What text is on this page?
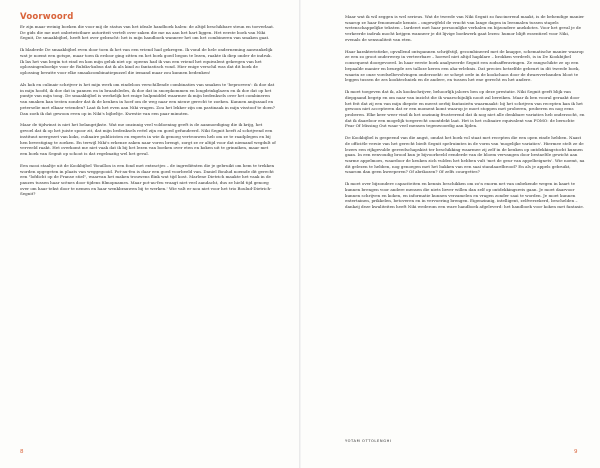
Voorwoord

Er zijn maar weinig boeken die voor mij de status van het ideale handboek halen: de altijd beschikbare steun en toeverlaat. De gids die me met onbetwistbare autoriteit vertelt over zaken die me na aan het hart liggen. Het eerste boek van Niki Segnit, De smaakbijbel, heeft het over gebracht: het is mijn handboek wanneer het om het combineren van smaken gaat.

Ik bladerde De smaakbijbel even door toen ik het van een vriend had gekregen. Ik vond de hele onderneming aanvankelijk wat je noemt een gotspe, maar toen ik erdoor ging zitten en het boek goed begon te lezen, raakte ik diep onder de indruk. Ik las het van begin tot eind en kon mijn geluk niet op: opeens had ik van een vriend het equivalent gekregen van het oplossingenboekje voor de Rubiks-kubus dat ik als kind zo fantastisch vond. Hier enige verschil was dat dit boek de oplossing bevatte voor elke smaakcombinatiepuzzel die iemand maar zou kunnen bedenken!

Als kok en culinair schrijver is het mijn werk om eindeloos verschillende combinaties van smaken te 'beproeven': ik doe dat in mijn hoofd, ik doe dat in pannen en in braadsledes, ik doe dat in snoepkommen en longdrinkglazen en ik doe dat op het puntje van mijn tong. De smaakbijbel is werkelijk het enige hulpmiddel waarmee ik mijn bedenksels over het combineren van smaken kan testen zonder dat ik de keuken in hoef om de weg naar een nieuw gerecht te zoeken. Kunnen anijszaad en peterselie met elkaar vrienden? Laat ik het even aan Niki vragen. Zou het lekker zijn om pastinaak in mijn visstoof te doen? Dan zoek ik dat gewoon even op in Niki's bijbeltje. Kwestie van een paar minuten.

Maar de tijdwinst is niet het belangrijkste. Wat me onzinnig veel voldoening geeft is de aanmoediging die ik krijg, het gevoel dat ik op het juiste spoor zit, dat mijn bedenksels reëel zijn en goed gefundeerd. Niki Segnit heeft al schrijvend een instituut neergezet van koks, culinaire publicisten en experts in wie ik genoeg vertrouwen heb om ze te raadplegen en bij hen bevestiging te zoeken. En terwijl Niki's erkenze zaken naar voren brengt, zorgt ze er altijd voor dat niemand wegdult of verveeld raakt. Het overkomt me niet vaak dat ik bij het lezen van boeken over eten en koken uit te grinniken, maar met een boek van Segnit op schoot is dat regelmatig wel het geval.

Een mooi staaltje uit de Kookbijbel 'Bouillon is een fond met extractjes – de ingrediënten die je gebruikt om hem te trekken worden opgegeten in plaats van weggegooid. Pot-au-feu is daar een goed voorbeeld van. Daniel Boulud noemde dit gerecht een "lofdicht op de Franse stiel", waarvan het maken trouwens flink wat tijd kost. Marlene Dietrich maakte het vaak in de pauzes tussen haar scènes door tijdens filmopnames. Maar pot-au-feu vraagt niet veel aandacht, dus ze hield tijd genoeg over om haar tekst door te nemen en haar wenkbrauwen bij te werken.' Wie valt er nou niet voor het trio Boulud-Dietrich-Segnit?

8

Maar wat ik wil zeggen is wel serieus. Wat de tweede van Niki Segnit zo fascinerend maakt, is de behendige manier waarop ze haar fenomenale kennis – ongewijfeld de vrucht van lange dagen in leesmalen tussen stapels wetenschappelijke teksten – lardeert met haar persoonlijke verhalen en bijzondere anekdotes. Voor het geval je de verkeerde indruk mocht krijgen wanneer je dit lijvige boekwerk gaat lezen: humor blijft essentieel voor Niki, evenals de sensualiteit van eten.

Haar karakteristieke, opvallend ontspannen schrijfstijl, gecombineerd met de knappe, schematische manier waarop ze een zo groot onderwerp in verteerbare – hoewel niet altijd hapklare – brokken verdeelt, is in De Kookbijbel consequent doorgevoerd. In haar eerste boek analyseerde Segnit een zodsafferavingen. Ze rangschikte ze op een bepaalde manier en beurgde zes talloze keren een aha-erlebnis. Dat precies hetzelfde gebeurt in dit tweede boek, waarin ze onze voedselbevolvingen onderzoekt: ze schept orde in de kookchaos door de dwarsverbanden bloot te leggen tussen de zes kooktechniek en de andere, en tussen het ene gerecht en het andere.

Ik moet toegeven dat ik, als kookschrijver, behoorlijk jaloers ben op deze prestatie. Niki Segnit geeft blijk van diepgaand begrip en om naar van inzicht die ik waarschijnlijk nooit zal bereiken. Maar ik ben vooral geraakt door het feit dat zij een van mijn diepste en meest oerbij fantasieën waarmaakt: bij het schrijven van recepten kan ik het gewoon niet accepteren dat er een moment komt waarop je moet stoppen met proberen, proberen en nog eens proberen. Elke keer weer vind ik het onzinnig frustrerend dat ik nog niet alle denkbare variaties heb onderzocht, en dat ik daardoor een mogelijk toegerecht onontdekt laat. Het is het culinaire equivalent van FOMO: de beruchte Fear Of Missing Out waar veel mensen tegenwoordig aan lijden.

De Kookbijbel is gespeend van die angst, omdat het boek vol staat met recepten die een open einde hebben. Naast de officiële versie van het gerecht biedt Segnit spelruimtes in de vorm van 'mogelijke variaties'. Hiermee stelt ze de lezers een rijkgevulde gereedschapskist ter beschikking waarmee zij zelf in de keuken op ontdekkingstocht kunnen gaan. In een eenvoudig brood kun je bijvoorbeeld eenderde van de bloem vervangen door bestaeltle gewicht aan warme appelmoes, waardoor de keuken zich vulden het hebben vult 'met de geur van appelbeignets'. Wie noemt, na dit gelezen te hebben, nog genoegen met het bakken van een saai standaardbrood? En als je appels gebruikt, waarom dan geen kweeperen? Of abrikozen? Of zelfs courgettes?

Ik moet over bijzondere capaciteiten en kennis beschikken om zo'n enorm net van onbekende wegen in kaart te kunnen brengen voor andere mensen die niets liever willen dan zelf op ontdekkingsreis gaan. Je moet daarvoor kunnen schrijven en koken, en informatie kunnen verzamelen en vragen zonder saai te worden. Je moet kunnen entertainen, prikkelen, betoveren en in vervoering brengen. Eigenzinnig, intelligent, zelfverzekerd, beschelden – dankzij deze kwaliteiten heeft Niki wederom een ware handboek afgeleverd: het handboek voor koken met fantasie.

YOTAM OTTOLENGHI
9
